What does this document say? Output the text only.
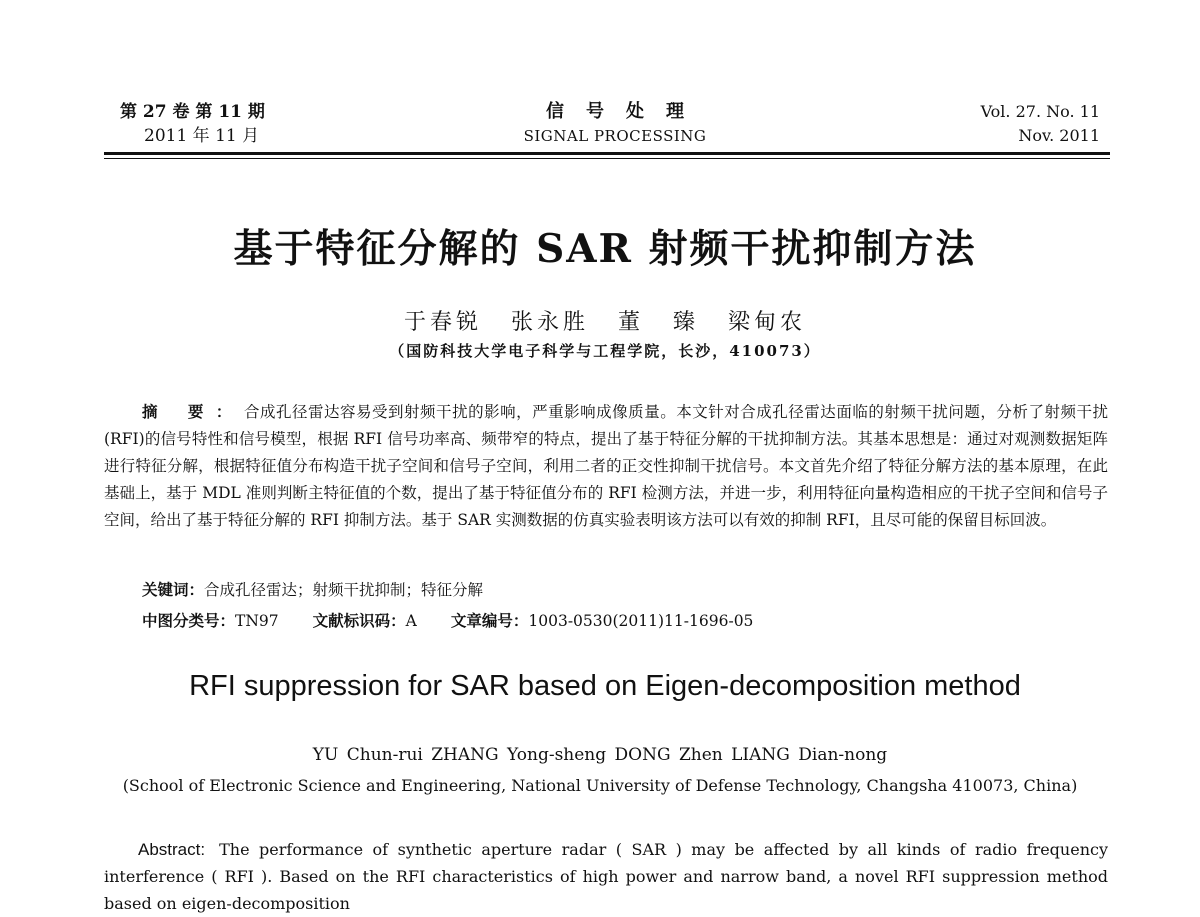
第 27 卷 第 11 期
2011 年 11 月
信号处理
SIGNAL PROCESSING
Vol. 27. No. 11
Nov. 2011
基于特征分解的 SAR 射频干扰抑制方法
于春锐 张永胜 董 臻 梁甸农
（国防科技大学电子科学与工程学院，长沙，410073）
摘 要：合成孔径雷达容易受到射频干扰的影响，严重影响成像质量。本文针对合成孔径雷达面临的射频干扰问题，分析了射频干扰(RFI)的信号特性和信号模型，根据 RFI 信号功率高、频带窄的特点，提出了基于特征分解的干扰抑制方法。其基本思想是：通过对观测数据矩阵进行特征分解，根据特征值分布构造干扰子空间和信号子空间，利用二者的正交性抑制干扰信号。本文首先介绍了特征分解方法的基本原理，在此基础上，基于 MDL 准则判断主特征值的个数，提出了基于特征值分布的 RFI 检测方法，并进一步，利用特征向量构造相应的干扰子空间和信号子空间，给出了基于特征分解的 RFI 抑制方法。基于 SAR 实测数据的仿真实验表明该方法可以有效的抑制 RFI，且尽可能的保留目标回波。
关键词：合成孔径雷达；射频干扰抑制；特征分解
中图分类号：TN97 文献标识码：A 文章编号：1003-0530(2011)11-1696-05
RFI suppression for SAR based on Eigen-decomposition method
YU Chun-rui ZHANG Yong-sheng DONG Zhen LIANG Dian-nong
(School of Electronic Science and Engineering, National University of Defense Technology, Changsha 410073, China)
Abstract: The performance of synthetic aperture radar ( SAR ) may be affected by all kinds of radio frequency interference ( RFI ). Based on the RFI characteristics of high power and narrow band, a novel RFI suppression method based on eigen-decomposition
